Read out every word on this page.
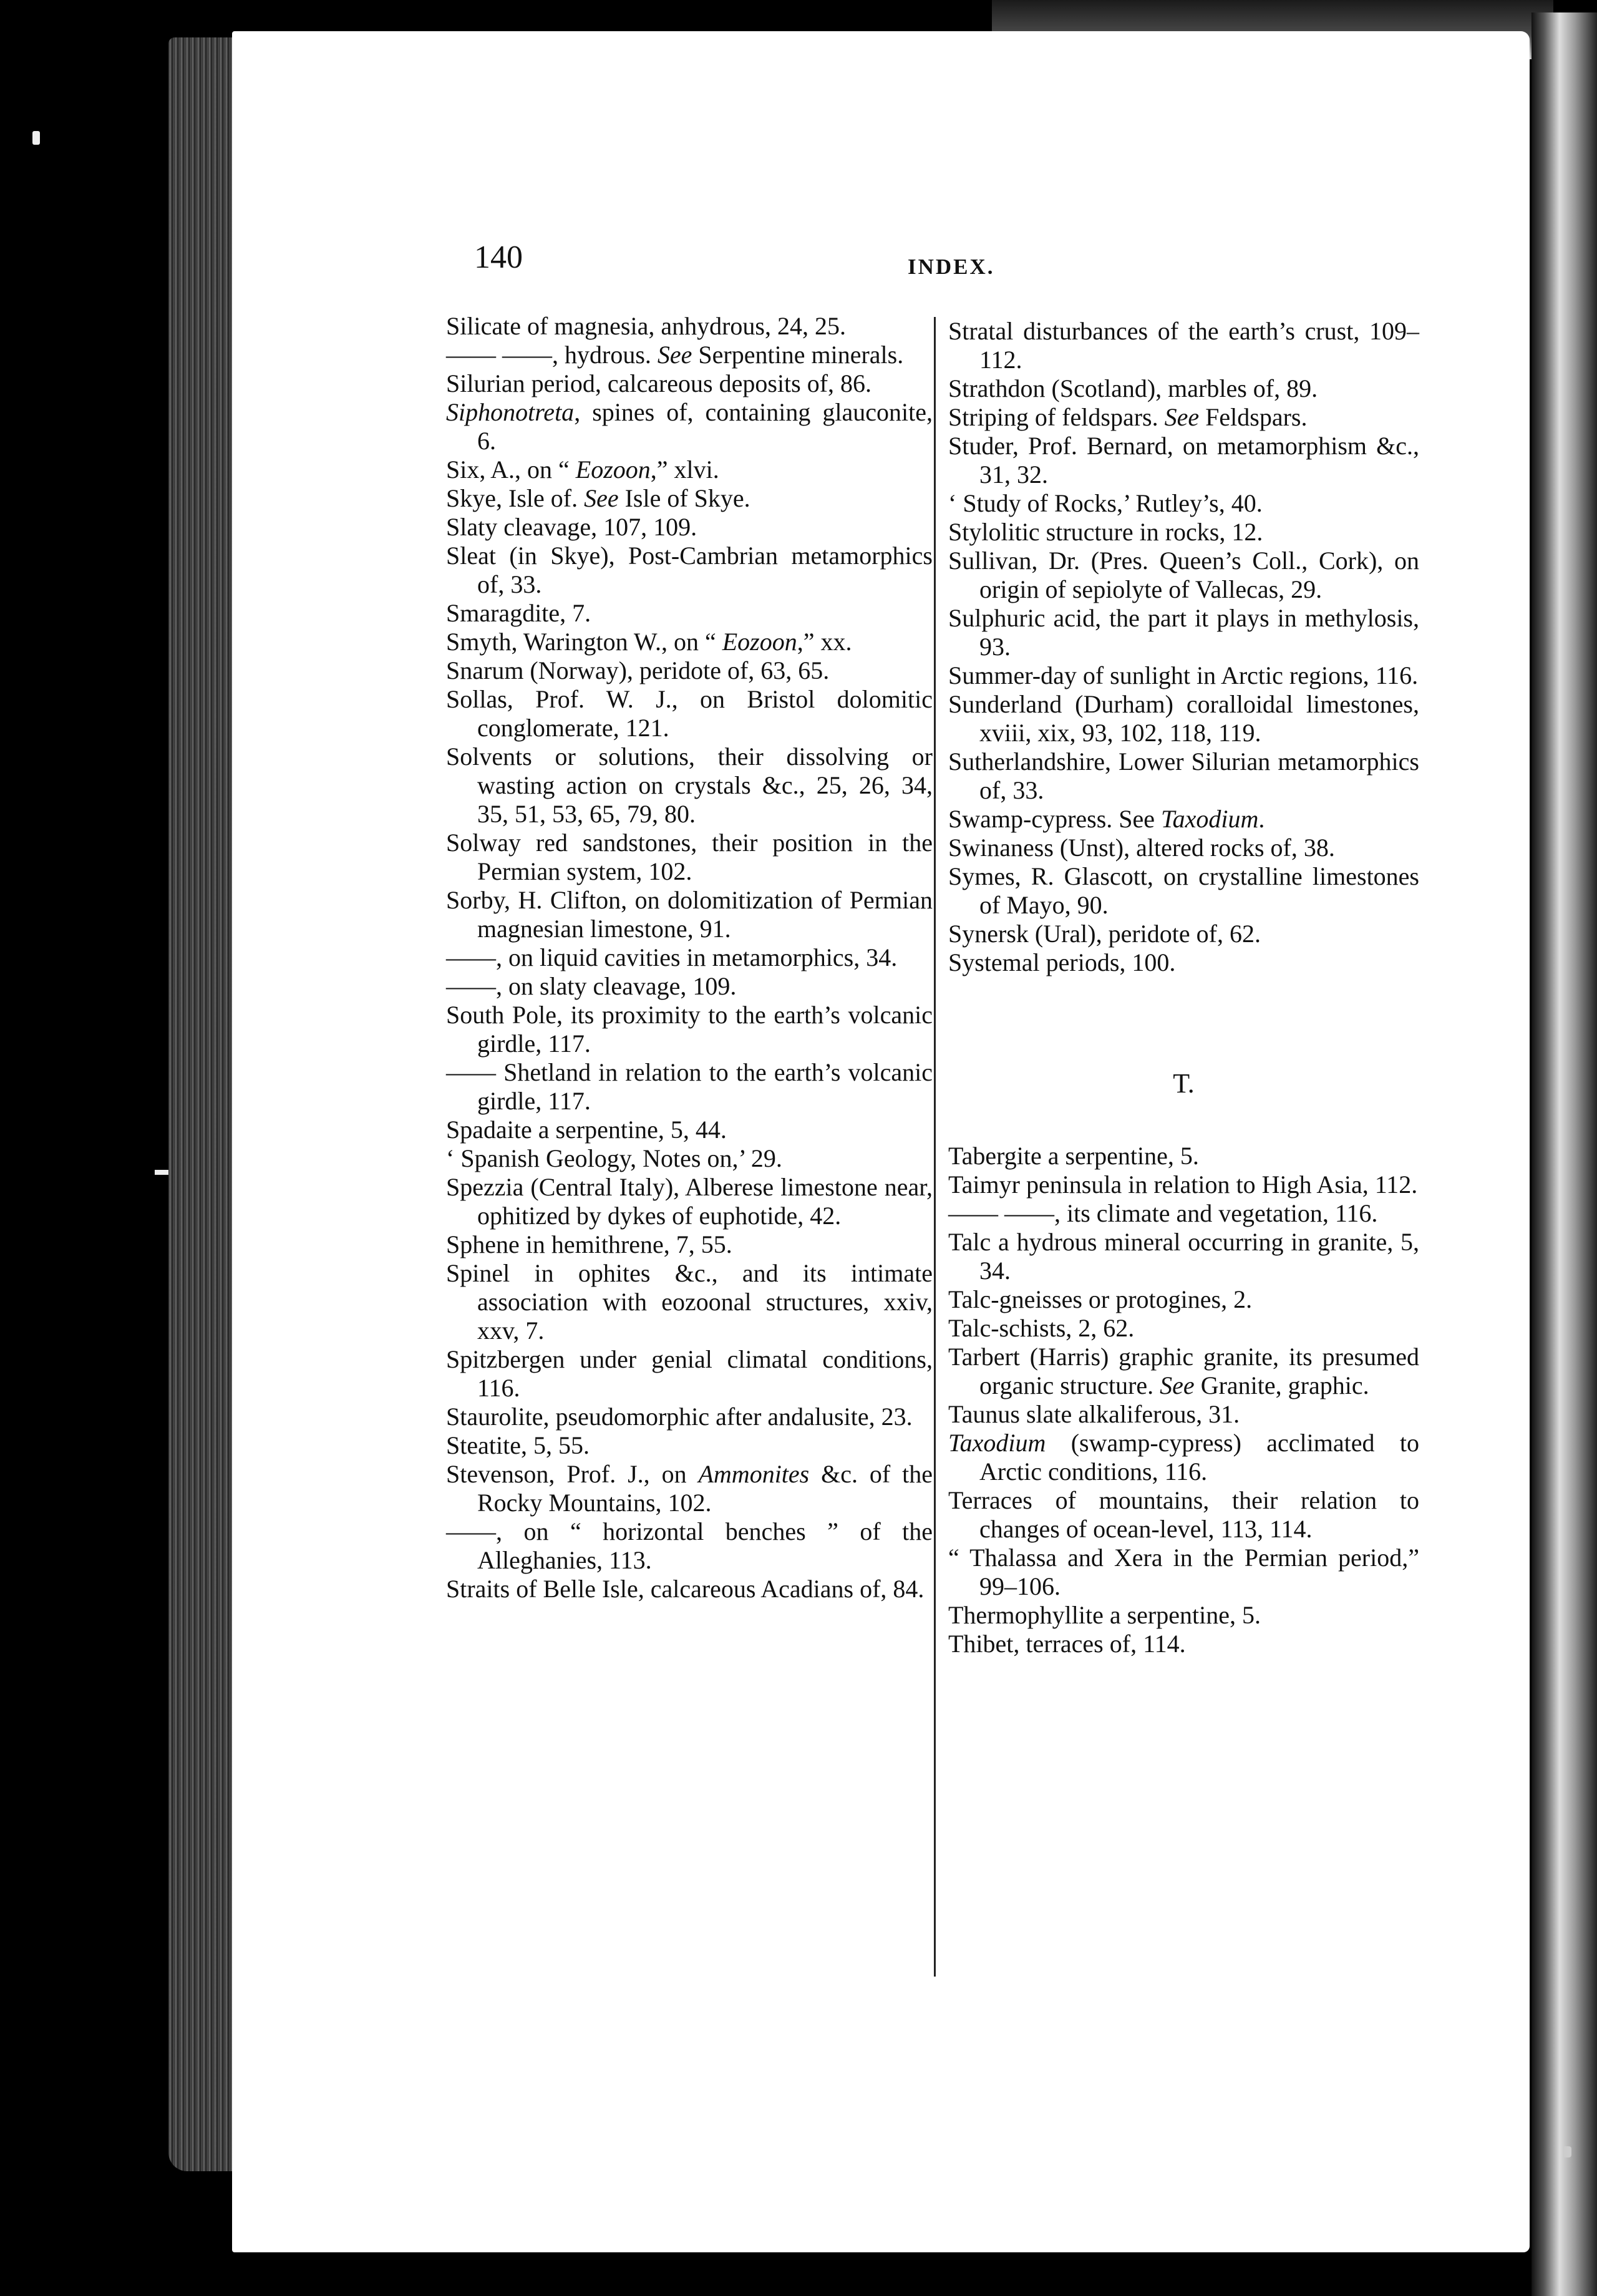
140	INDEX.

Silicate of magnesia, anhydrous, 24, 25.

—— ——, hydrous. See Serpentine minerals.

Silurian period, calcareous deposits of, 86.

Siphonotreta, spines of, containing glauconite, 6.

Six, A., on “ Eozoon,” xlvi.

Skye, Isle of. See Isle of Skye.

Slaty cleavage, 107, 109.

Sleat (in Skye), Post-Cambrian metamorphics of, 33.

Smaragdite, 7.

Smyth, Warington W., on “ Eozoon,” xx.

Snarum (Norway), peridote of, 63, 65.

Sollas, Prof. W. J., on Bristol dolomitic conglomerate, 121.

Solvents or solutions, their dissolving or wasting action on crystals &c., 25, 26, 34, 35, 51, 53, 65, 79, 80.

Solway red sandstones, their position in the Permian system, 102.

Sorby, H. Clifton, on dolomitization of Permian magnesian limestone, 91.

——, on liquid cavities in metamorphics, 34.

——, on slaty cleavage, 109.

South Pole, its proximity to the earth’s volcanic girdle, 117.

—— Shetland in relation to the earth’s volcanic girdle, 117.

Spadaite a serpentine, 5, 44.

‘ Spanish Geology, Notes on,’ 29.

Spezzia (Central Italy), Alberese limestone near, ophitized by dykes of euphotide, 42.

Sphene in hemithrene, 7, 55.

Spinel in ophites &c., and its intimate association with eozoonal structures, xxiv, xxv, 7.

Spitzbergen under genial climatal conditions, 116.

Staurolite, pseudomorphic after andalusite, 23.

Steatite, 5, 55.

Stevenson, Prof. J., on Ammonites &c. of the Rocky Mountains, 102.

——, on “ horizontal benches ” of the Alleghanies, 113.

Straits of Belle Isle, calcareous Acadians of, 84.

Stratal disturbances of the earth’s crust, 109–112.

Strathdon (Scotland), marbles of, 89.

Striping of feldspars. See Feldspars.

Studer, Prof. Bernard, on metamorphism &c., 31, 32.

‘ Study of Rocks,’ Rutley’s, 40.

Stylolitic structure in rocks, 12.

Sullivan, Dr. (Pres. Queen’s Coll., Cork), on origin of sepiolyte of Vallecas, 29.

Sulphuric acid, the part it plays in methylosis, 93.

Summer-day of sunlight in Arctic regions, 116.

Sunderland (Durham) coralloidal limestones, xviii, xix, 93, 102, 118, 119.

Sutherlandshire, Lower Silurian metamorphics of, 33.

Swamp-cypress. See Taxodium.

Swinaness (Unst), altered rocks of, 38.

Symes, R. Glascott, on crystalline limestones of Mayo, 90.

Synersk (Ural), peridote of, 62.

Systemal periods, 100.

T.

Tabergite a serpentine, 5.

Taimyr peninsula in relation to High Asia, 112.

—— ——, its climate and vegetation, 116.

Talc a hydrous mineral occurring in granite, 5, 34.

Talc-gneisses or protogines, 2.

Talc-schists, 2, 62.

Tarbert (Harris) graphic granite, its presumed organic structure. See Granite, graphic.

Taunus slate alkaliferous, 31.

Taxodium (swamp-cypress) acclimated to Arctic conditions, 116.

Terraces of mountains, their relation to changes of ocean-level, 113, 114.

“ Thalassa and Xera in the Permian period,” 99–106.

Thermophyllite a serpentine, 5.

Thibet, terraces of, 114.
